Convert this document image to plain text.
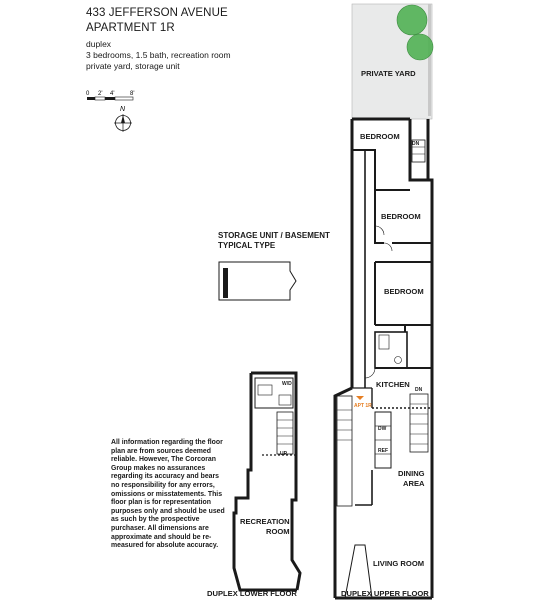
433 JEFFERSON AVENUE
APARTMENT 1R
duplex
3 bedrooms, 1.5 bath, recreation room
private yard, storage unit
0 2' 4'	8'
N
STORAGE UNIT / BASEMENT
TYPICAL TYPE
All information regarding the floor plan are from sources deemed reliable. However, The Corcoran Group makes no assurances regarding its accuracy and bears no responsibility for any errors, omissions or misstatements. This floor plan is for representation purposes only and should be used as such by the prospective purchaser. All dimensions are approximate and should be re-measured for absolute accuracy.
PRIVATE YARD
BEDROOM
BEDROOM
BEDROOM
KITCHEN
DINING
AREA
LIVING ROOM
DN
DN
DW
REF
APT 1R
W/D
UP
RECREATION
ROOM
DUPLEX LOWER FLOOR	DUPLEX UPPER FLOOR
